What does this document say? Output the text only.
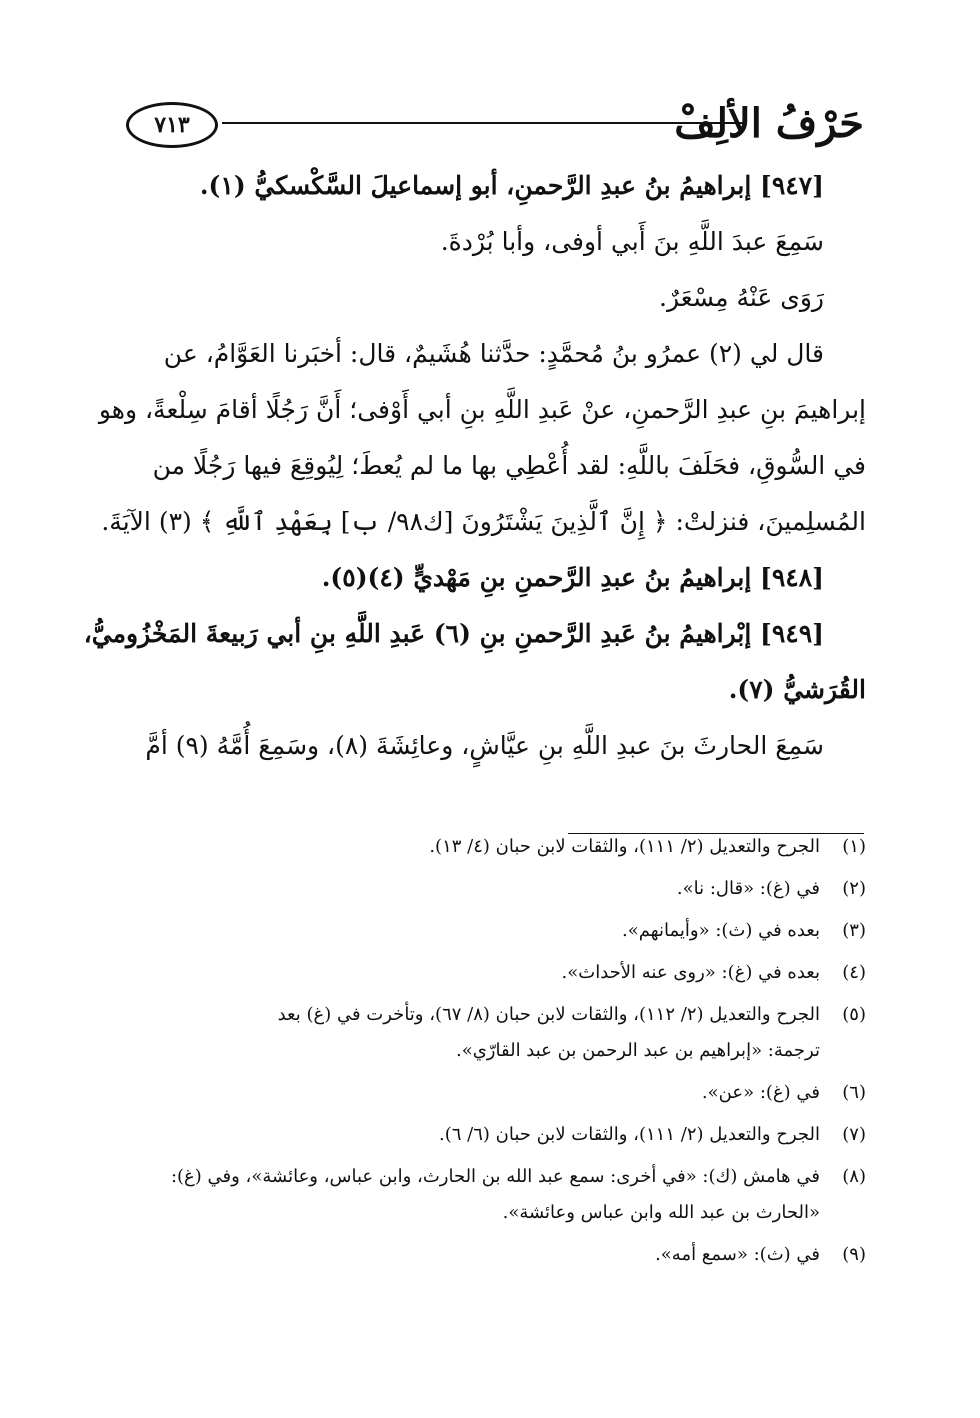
٧١٣	حَرْفُ الألِفْ
[٩٤٧] إبراهيمُ بنُ عبدِ الرَّحمنِ، أبو إسماعيلَ السَّكْسكيُّ (١).
سَمِعَ عبدَ اللَّهِ بنَ أَبي أوفى، وأبا بُرْدةَ.
رَوَى عَنْهُ مِسْعَرٌ.
قال لي (٢) عمرُو بنُ مُحمَّدٍ: حدَّثنا هُشَيمٌ، قال: أخبَرنا العَوَّامُ، عن
إبراهيمَ بنِ عبدِ الرَّحمنِ، عنْ عَبدِ اللَّهِ بنِ أبي أَوْفى؛ أَنَّ رَجُلًا أقامَ سِلْعةً، وهو
في السُّوقِ، فحَلَفَ باللَّهِ: لقد أُعْطِي بها ما لم يُعطَ؛ لِيُوقِعَ فيها رَجُلًا من
المُسلِمينَ، فنزلتْ: ﴿ إِنَّ ٱلَّذِينَ يَشْتَرُونَ [ك٩٨/ ب] بِعَهْدِ ٱللَّهِ ﴾ (٣) الآيَةَ.
[٩٤٨] إبراهيمُ بنُ عبدِ الرَّحمنِ بنِ مَهْديٍّ (٤)(٥).
[٩٤٩] إبْراهيمُ بنُ عَبدِ الرَّحمنِ بنِ (٦) عَبدِ اللَّهِ بنِ أبي رَبيعةَ المَخْزُوميُّ،
القُرَشيُّ (٧).
سَمِعَ الحارثَ بنَ عبدِ اللَّهِ بنِ عيَّاشٍ، وعائِشَةَ (٨)، وسَمِعَ أُمَّهُ (٩) أمَّ
(١)الجرح والتعديل (٢/ ١١١)، والثقات لابن حبان (٤/ ١٣).
(٢)في (غ): «قال: نا».
(٣)بعده في (ث): «وأيمانهم».
(٤)بعده في (غ): «روى عنه الأحداث».
(٥)الجرح والتعديل (٢/ ١١٢)، والثقات لابن حبان (٨/ ٦٧)، وتأخرت في (غ) بعد
ترجمة: «إبراهيم بن عبد الرحمن بن عبد القارّي».
(٦)في (غ): «عن».
(٧)الجرح والتعديل (٢/ ١١١)، والثقات لابن حبان (٦/ ٦).
(٨)في هامش (ك): «في أخرى: سمع عبد الله بن الحارث، وابن عباس، وعائشة»، وفي (غ):
«الحارث بن عبد الله وابن عباس وعائشة».
(٩)في (ث): «سمع أمه».
